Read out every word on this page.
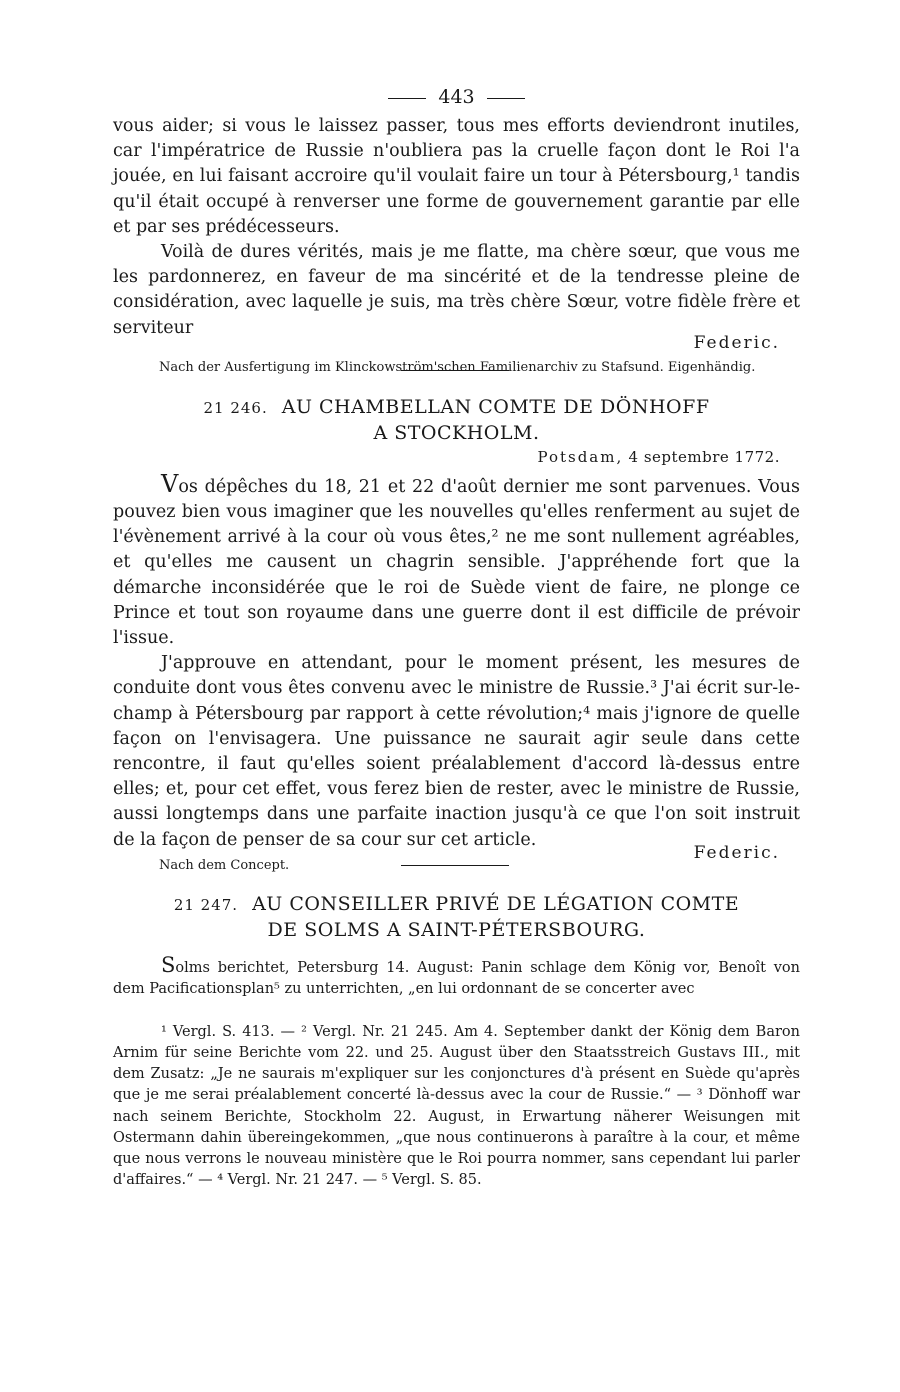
443

vous aider; si vous le laissez passer, tous mes efforts deviendront inutiles, car l'impératrice de Russie n'oubliera pas la cruelle façon dont le Roi l'a jouée, en lui faisant accroire qu'il voulait faire un tour à Pétersbourg,¹ tandis qu'il était occupé à renverser une forme de gouvernement garantie par elle et par ses prédécesseurs.

Voilà de dures vérités, mais je me flatte, ma chère sœur, que vous me les pardonnerez, en faveur de ma sincérité et de la tendresse pleine de considération, avec laquelle je suis, ma très chère Sœur, votre fidèle frère et serviteur

Federic.
Nach der Ausfertigung im Klinckowström'schen Familienarchiv zu Stafsund. Eigenhändig.

21 246. AU CHAMBELLAN COMTE DE DÖNHOFF

A STOCKHOLM.

Potsdam, 4 septembre 1772.

Vos dépêches du 18, 21 et 22 d'août dernier me sont parvenues. Vous pouvez bien vous imaginer que les nouvelles qu'elles renferment au sujet de l'évènement arrivé à la cour où vous êtes,² ne me sont nullement agréables, et qu'elles me causent un chagrin sensible. J'appréhende fort que la démarche inconsidérée que le roi de Suède vient de faire, ne plonge ce Prince et tout son royaume dans une guerre dont il est difficile de prévoir l'issue.

J'approuve en attendant, pour le moment présent, les mesures de conduite dont vous êtes convenu avec le ministre de Russie.³ J'ai écrit sur-le-champ à Pétersbourg par rapport à cette révolution;⁴ mais j'ignore de quelle façon on l'envisagera. Une puissance ne saurait agir seule dans cette rencontre, il faut qu'elles soient préalablement d'accord là-dessus entre elles; et, pour cet effet, vous ferez bien de rester, avec le ministre de Russie, aussi longtemps dans une parfaite inaction jusqu'à ce que l'on soit instruit de la façon de penser de sa cour sur cet article.

Nach dem Concept.
Federic.

21 247. AU CONSEILLER PRIVÉ DE LÉGATION COMTE

DE SOLMS A SAINT-PÉTERSBOURG.

Solms berichtet, Petersburg 14. August: Panin schlage dem König vor, Benoît von dem Pacificationsplan⁵ zu unterrichten, „en lui ordonnant de se concerter avec

¹ Vergl. S. 413. — ² Vergl. Nr. 21 245. Am 4. September dankt der König dem Baron Arnim für seine Berichte vom 22. und 25. August über den Staatsstreich Gustavs III., mit dem Zusatz: „Je ne saurais m'expliquer sur les conjonctures d'à présent en Suède qu'après que je me serai préalablement concerté là-dessus avec la cour de Russie.“ — ³ Dönhoff war nach seinem Berichte, Stockholm 22. August, in Erwartung näherer Weisungen mit Ostermann dahin übereingekommen, „que nous continuerons à paraître à la cour, et même que nous verrons le nouveau ministère que le Roi pourra nommer, sans cependant lui parler d'affaires.“ — ⁴ Vergl. Nr. 21 247. — ⁵ Vergl. S. 85.
